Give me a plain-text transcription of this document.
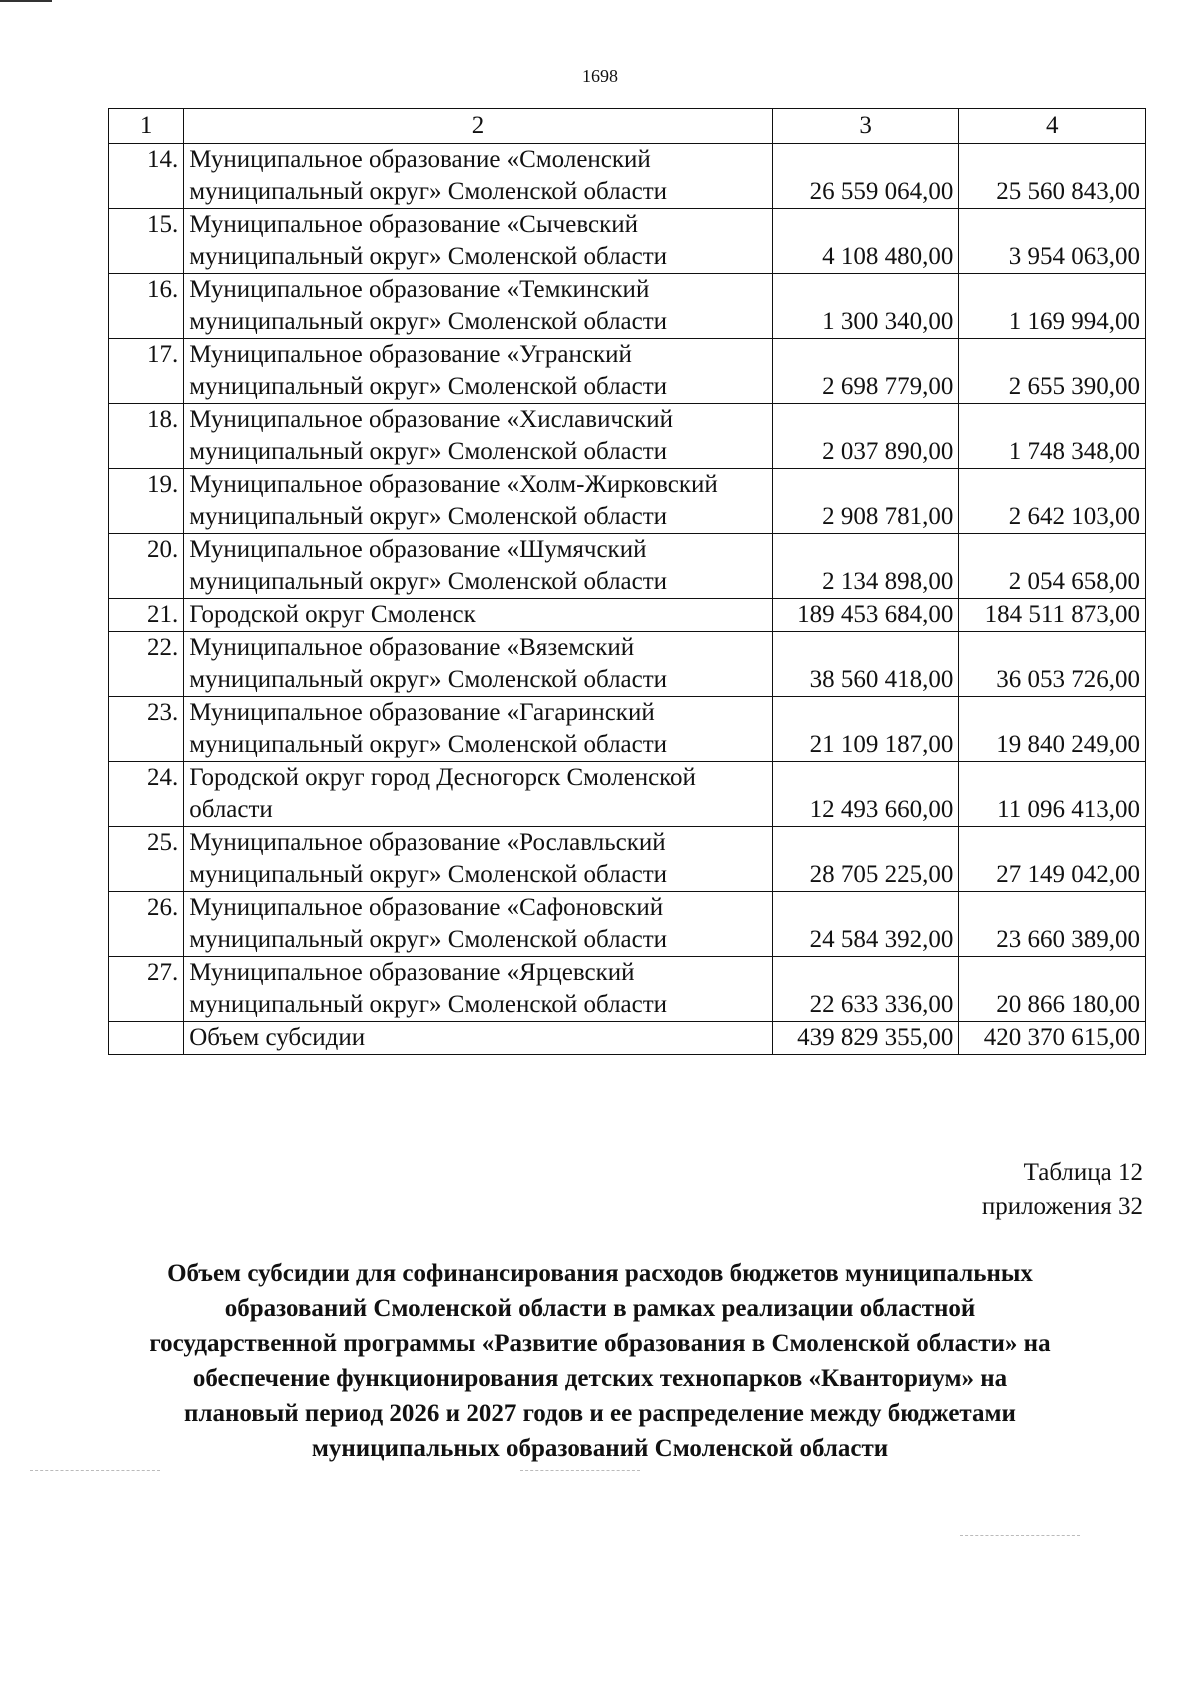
1698
1	2	3	4
14.	Муниципальное образование «Смоленский муниципальный округ» Смоленской области	26 559 064,00	25 560 843,00
15.	Муниципальное образование «Сычевский муниципальный округ» Смоленской области	4 108 480,00	3 954 063,00
16.	Муниципальное образование «Темкинский муниципальный округ» Смоленской области	1 300 340,00	1 169 994,00
17.	Муниципальное образование «Угранский муниципальный округ» Смоленской области	2 698 779,00	2 655 390,00
18.	Муниципальное образование «Хиславичский муниципальный округ» Смоленской области	2 037 890,00	1 748 348,00
19.	Муниципальное образование «Холм-Жирковский муниципальный округ» Смоленской области	2 908 781,00	2 642 103,00
20.	Муниципальное образование «Шумячский муниципальный округ» Смоленской области	2 134 898,00	2 054 658,00
21.	Городской округ Смоленск	189 453 684,00	184 511 873,00
22.	Муниципальное образование «Вяземский муниципальный округ» Смоленской области	38 560 418,00	36 053 726,00
23.	Муниципальное образование «Гагаринский муниципальный округ» Смоленской области	21 109 187,00	19 840 249,00
24.	Городской округ город Десногорск Смоленской области	12 493 660,00	11 096 413,00
25.	Муниципальное образование «Рославльский муниципальный округ» Смоленской области	28 705 225,00	27 149 042,00
26.	Муниципальное образование «Сафоновский муниципальный округ» Смоленской области	24 584 392,00	23 660 389,00
27.	Муниципальное образование «Ярцевский муниципальный округ» Смоленской области	22 633 336,00	20 866 180,00
	Объем субсидии	439 829 355,00	420 370 615,00
Таблица 12
приложения 32
Объем субсидии для софинансирования расходов бюджетов муниципальных
образований Смоленской области в рамках реализации областной
государственной программы «Развитие образования в Смоленской области» на
обеспечение функционирования детских технопарков «Кванториум» на
плановый период 2026 и 2027 годов и ее распределение между бюджетами
муниципальных образований Смоленской области
